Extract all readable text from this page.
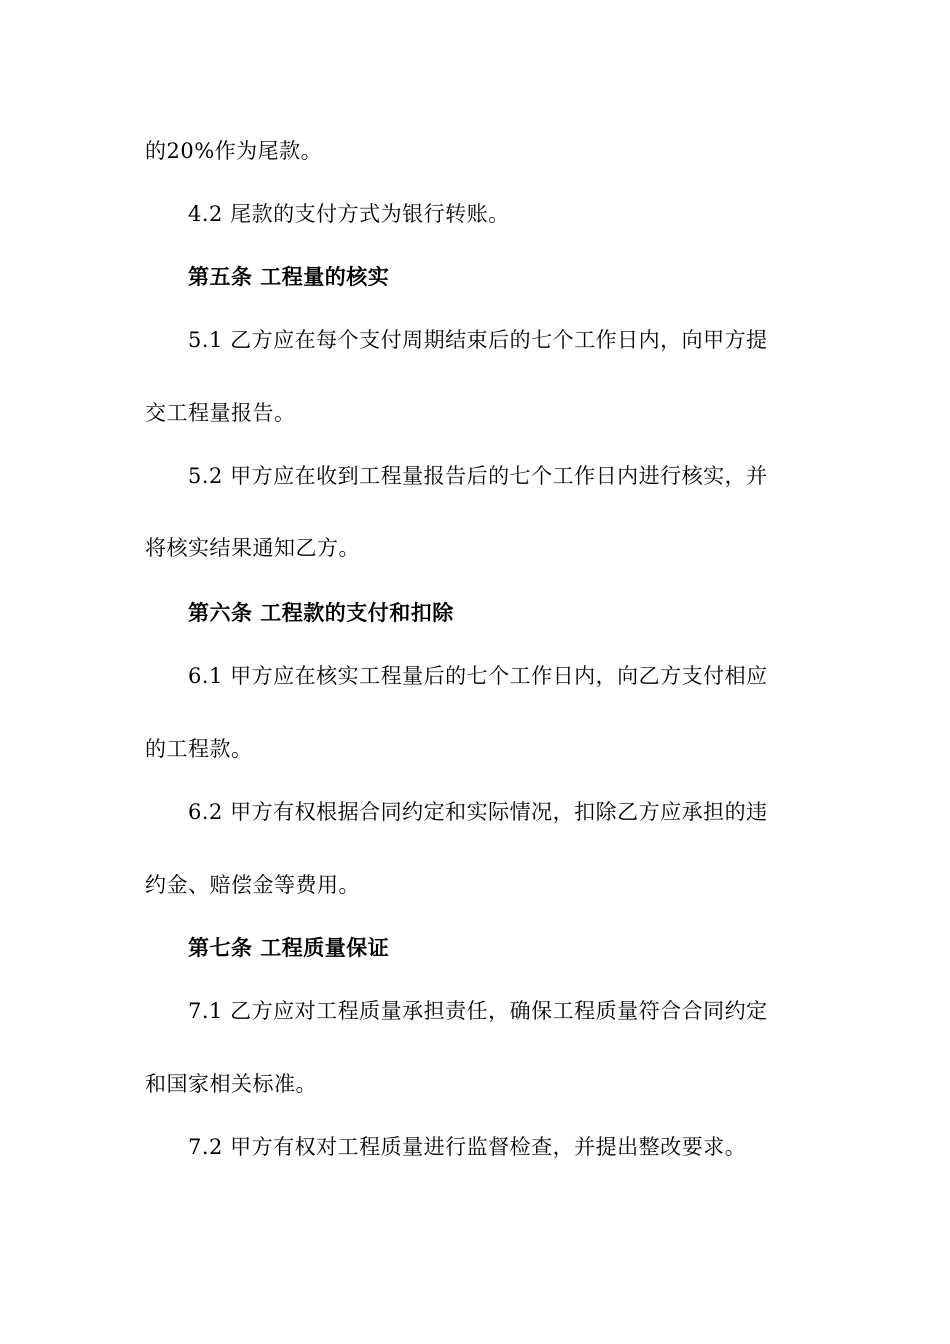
的20%作为尾款。
4.2 尾款的支付方式为银行转账。
第五条 工程量的核实
5.1 乙方应在每个支付周期结束后的七个工作日内，向甲方提
交工程量报告。
5.2 甲方应在收到工程量报告后的七个工作日内进行核实，并
将核实结果通知乙方。
第六条 工程款的支付和扣除
6.1 甲方应在核实工程量后的七个工作日内，向乙方支付相应
的工程款。
6.2 甲方有权根据合同约定和实际情况，扣除乙方应承担的违
约金、赔偿金等费用。
第七条 工程质量保证
7.1 乙方应对工程质量承担责任，确保工程质量符合合同约定
和国家相关标准。
7.2 甲方有权对工程质量进行监督检查，并提出整改要求。
